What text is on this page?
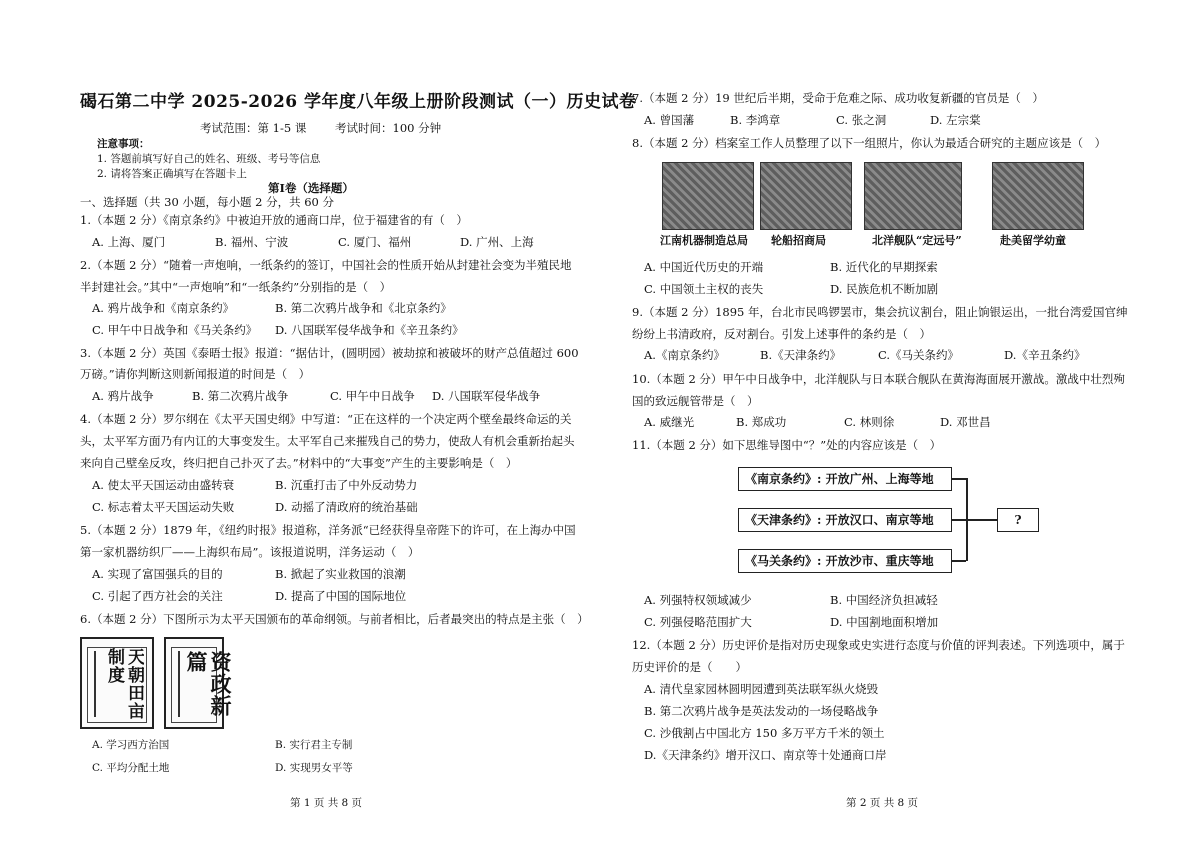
碣石第二中学 2025-2026 学年度八年级上册阶段测试（一）历史试卷
考试范围：第 1-5 课 考试时间：100 分钟
注意事项：
1. 答题前填写好自己的姓名、班级、考号等信息
2. 请将答案正确填写在答题卡上
第Ⅰ卷（选择题）
一、选择题（共 30 小题，每小题 2 分，共 60 分
1.（本题 2 分）《南京条约》中被迫开放的通商口岸，位于福建省的有（　）
A. 上海、厦门	B. 福州、宁波	C. 厦门、福州	D. 广州、上海
2.（本题 2 分）“随着一声炮响，一纸条约的签订，中国社会的性质开始从封建社会变为半殖民地
半封建社会。”其中“一声炮响”和“一纸条约”分别指的是（　）
A. 鸦片战争和《南京条约》	B. 第二次鸦片战争和《北京条约》
C. 甲午中日战争和《马关条约》 D. 八国联军侵华战争和《辛丑条约》
3.（本题 2 分）英国《泰晤士报》报道：“据估计，(圆明园）被劫掠和被破坏的财产总值超过 600
万磅。”请你判断这则新闻报道的时间是（　）
A. 鸦片战争	B. 第二次鸦片战争	C. 甲午中日战争 D. 八国联军侵华战争
4.（本题 2 分）罗尔纲在《太平天国史纲》中写道：“正在这样的一个决定两个壁垒最终命运的关
头，太平军方面乃有内讧的大事变发生。太平军自己来摧残自己的势力，使敌人有机会重新抬起头
来向自己壁垒反攻，终归把自己扑灭了去。”材料中的“大事变”产生的主要影响是（　）
A. 使太平天国运动由盛转衰	B. 沉重打击了中外反动势力
C. 标志着太平天国运动失败	D. 动摇了清政府的统治基础
5.（本题 2 分）1879 年，《纽约时报》报道称，洋务派“已经获得皇帝陛下的许可，在上海办中国
第一家机器纺织厂——上海织布局”。该报道说明，洋务运动（　）
A. 实现了富国强兵的目的	B. 掀起了实业救国的浪潮
C. 引起了西方社会的关注	D. 提高了中国的国际地位
6.（本题 2 分）下图所示为太平天国颁布的革命纲领。与前者相比，后者最突出的特点是主张（　）
天朝田亩制度	资政新篇
A. 学习西方治国	B. 实行君主专制
C. 平均分配土地	D. 实现男女平等
第 1 页 共 8 页
7.（本题 2 分）19 世纪后半期，受命于危难之际、成功收复新疆的官员是（　）
A. 曾国藩	B. 李鸿章	C. 张之洞	D. 左宗棠
8.（本题 2 分）档案室工作人员整理了以下一组照片，你认为最适合研究的主题应该是（　）
江南机器制造总局 轮船招商局	北洋舰队“定远号”	赴美留学幼童
A. 中国近代历史的开端	B. 近代化的早期探索
C. 中国领土主权的丧失	D. 民族危机不断加剧
9.（本题 2 分）1895 年，台北市民鸣锣罢市，集会抗议割台，阻止饷银运出，一批台湾爱国官绅
纷纷上书清政府，反对割台。引发上述事件的条约是（　）
A.《南京条约》	B.《天津条约》	C.《马关条约》	D.《辛丑条约》
10.（本题 2 分）甲午中日战争中，北洋舰队与日本联合舰队在黄海海面展开激战。激战中壮烈殉
国的致远舰管带是（　）
A. 威继光	B. 郑成功	C. 林则徐	D. 邓世昌
11.（本题 2 分）如下思维导图中“？”处的内容应该是（　）
《南京条约》: 开放广州、上海等地
《天津条约》: 开放汉口、南京等地
《马关条约》: 开放沙市、重庆等地
?
A. 列强特权领域减少	B. 中国经济负担减轻
C. 列强侵略范围扩大	D. 中国割地面积增加
12.（本题 2 分）历史评价是指对历史现象或史实进行态度与价值的评判表述。下列选项中，属于
历史评价的是（　　）
A. 清代皇家园林圆明园遭到英法联军纵火烧毁
B. 第二次鸦片战争是英法发动的一场侵略战争
C. 沙俄割占中国北方 150 多万平方千米的领土
D.《天津条约》增开汉口、南京等十处通商口岸
第 2 页 共 8 页
